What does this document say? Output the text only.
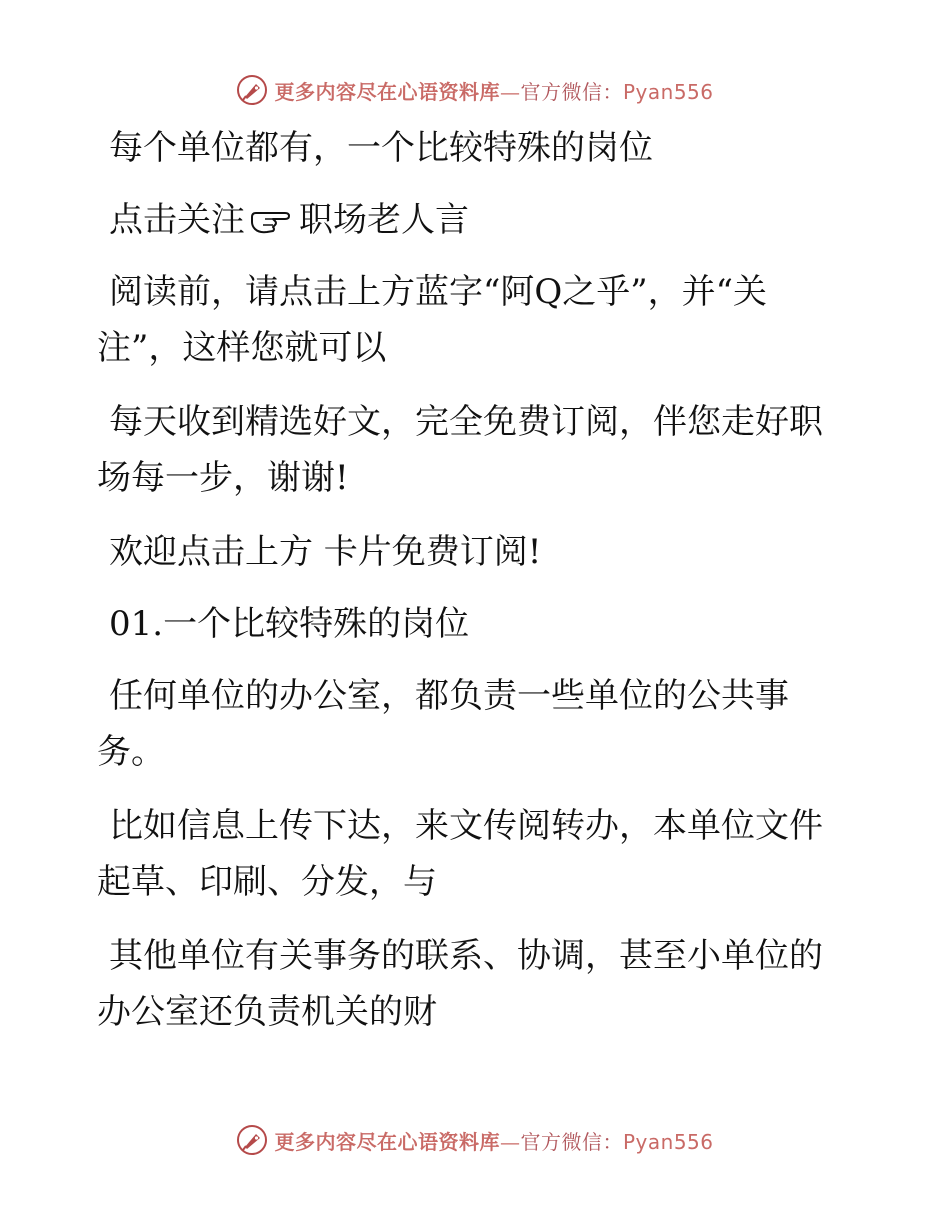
更多内容尽在心语资料库—官方微信：Pyan556

每个单位都有，一个比较特殊的岗位

点击关注 职场老人言

阅读前，请点击上方蓝字“阿Q之乎”，并“关注”，这样您就可以

每天收到精选好文，完全免费订阅，伴您走好职场每一步，谢谢!

欢迎点击上方 卡片免费订阅!

01.一个比较特殊的岗位

任何单位的办公室，都负责一些单位的公共事务。

比如信息上传下达，来文传阅转办，本单位文件起草、印刷、分发，与

其他单位有关事务的联系、协调，甚至小单位的办公室还负责机关的财

更多内容尽在心语资料库—官方微信：Pyan556
